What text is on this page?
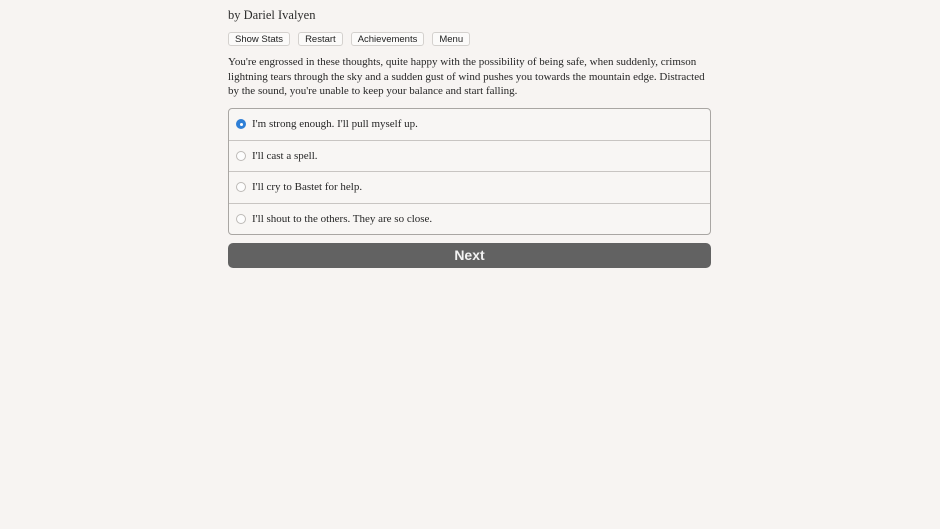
by Dariel Ivalyen
Show Stats	Restart	Achievements	Menu

You're engrossed in these thoughts, quite happy with the possibility of being safe, when suddenly, crimson lightning tears through the sky and a sudden gust of wind pushes you towards the mountain edge. Distracted by the sound, you're unable to keep your balance and start falling.

I'm strong enough. I'll pull myself up.
I'll cast a spell.
I'll cry to Bastet for help.
I'll shout to the others. They are so close.
Next
